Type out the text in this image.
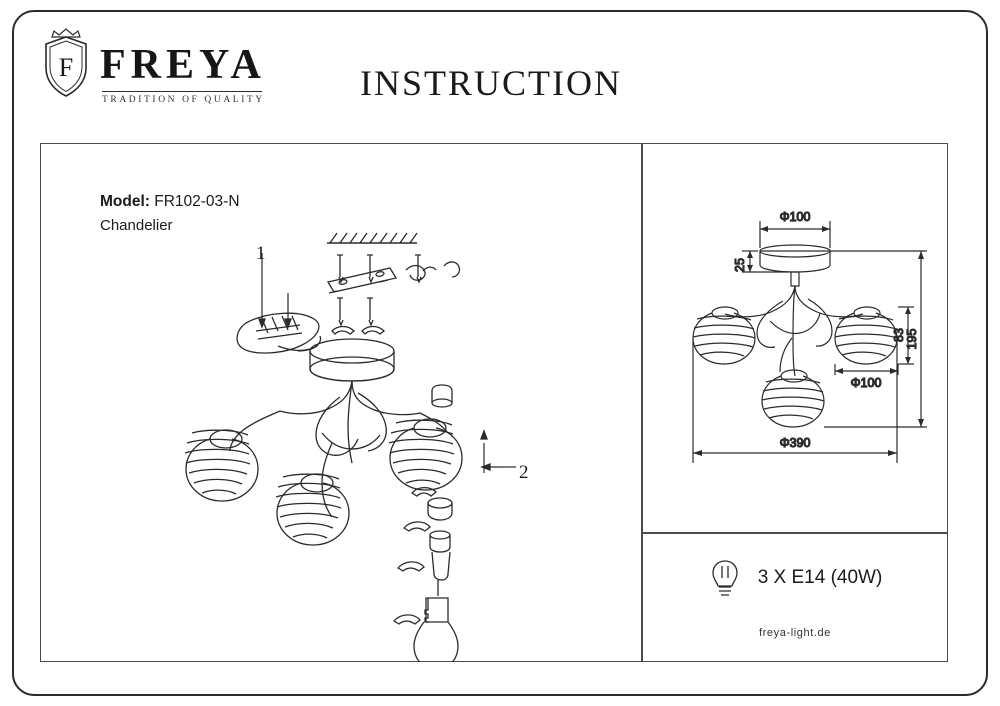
F FREYA
TRADITION OF QUALITY	INSTRUCTION
Model: FR102-03-N
Chandelier
1
2
Φ100
25
Φ100
83 195
Φ390
3 X E14 (40W)
freya-light.de
